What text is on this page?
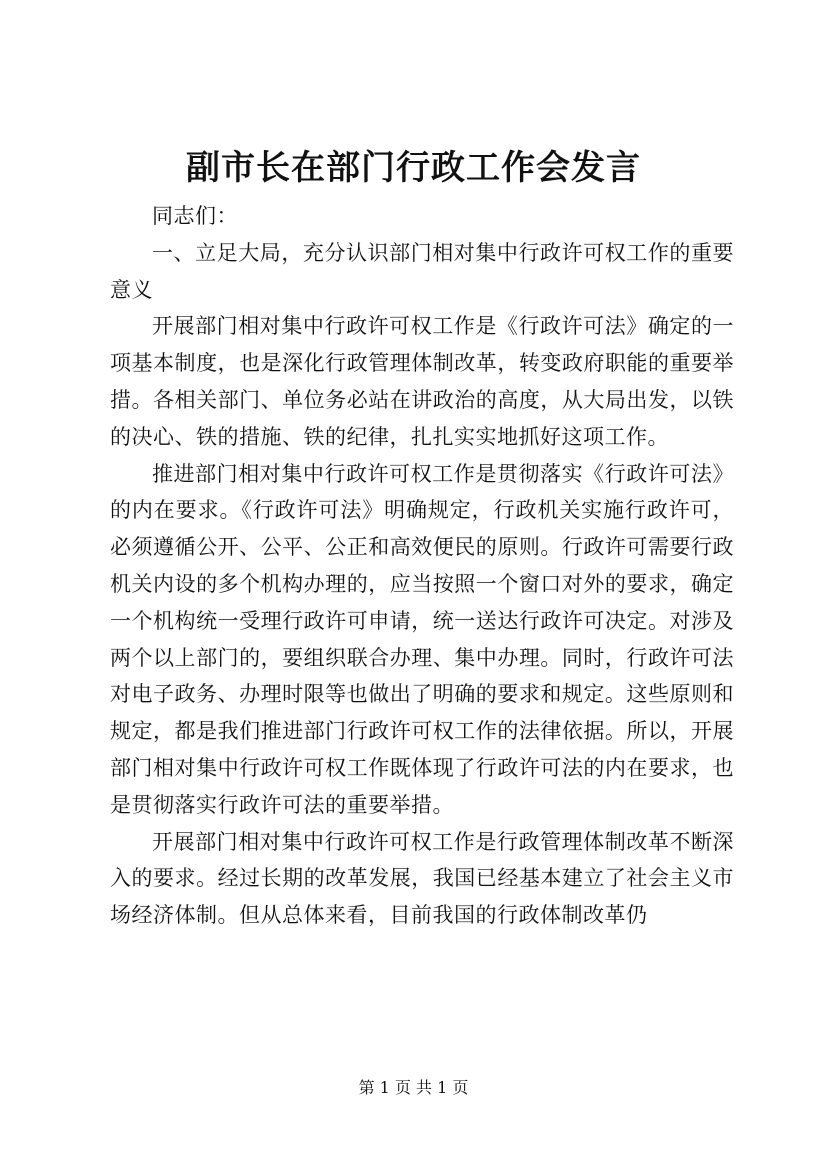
副市长在部门行政工作会发言

同志们：

一、立足大局，充分认识部门相对集中行政许可权工作的重要意义

开展部门相对集中行政许可权工作是《行政许可法》确定的一项基本制度，也是深化行政管理体制改革，转变政府职能的重要举措。各相关部门、单位务必站在讲政治的高度，从大局出发，以铁的决心、铁的措施、铁的纪律，扎扎实实地抓好这项工作。

推进部门相对集中行政许可权工作是贯彻落实《行政许可法》的内在要求。《行政许可法》明确规定，行政机关实施行政许可，必须遵循公开、公平、公正和高效便民的原则。行政许可需要行政机关内设的多个机构办理的，应当按照一个窗口对外的要求，确定一个机构统一受理行政许可申请，统一送达行政许可决定。对涉及两个以上部门的，要组织联合办理、集中办理。同时，行政许可法对电子政务、办理时限等也做出了明确的要求和规定。这些原则和规定，都是我们推进部门行政许可权工作的法律依据。所以，开展部门相对集中行政许可权工作既体现了行政许可法的内在要求，也是贯彻落实行政许可法的重要举措。

开展部门相对集中行政许可权工作是行政管理体制改革不断深入的要求。经过长期的改革发展，我国已经基本建立了社会主义市场经济体制。但从总体来看，目前我国的行政体制改革仍

第 1 页 共 1 页
